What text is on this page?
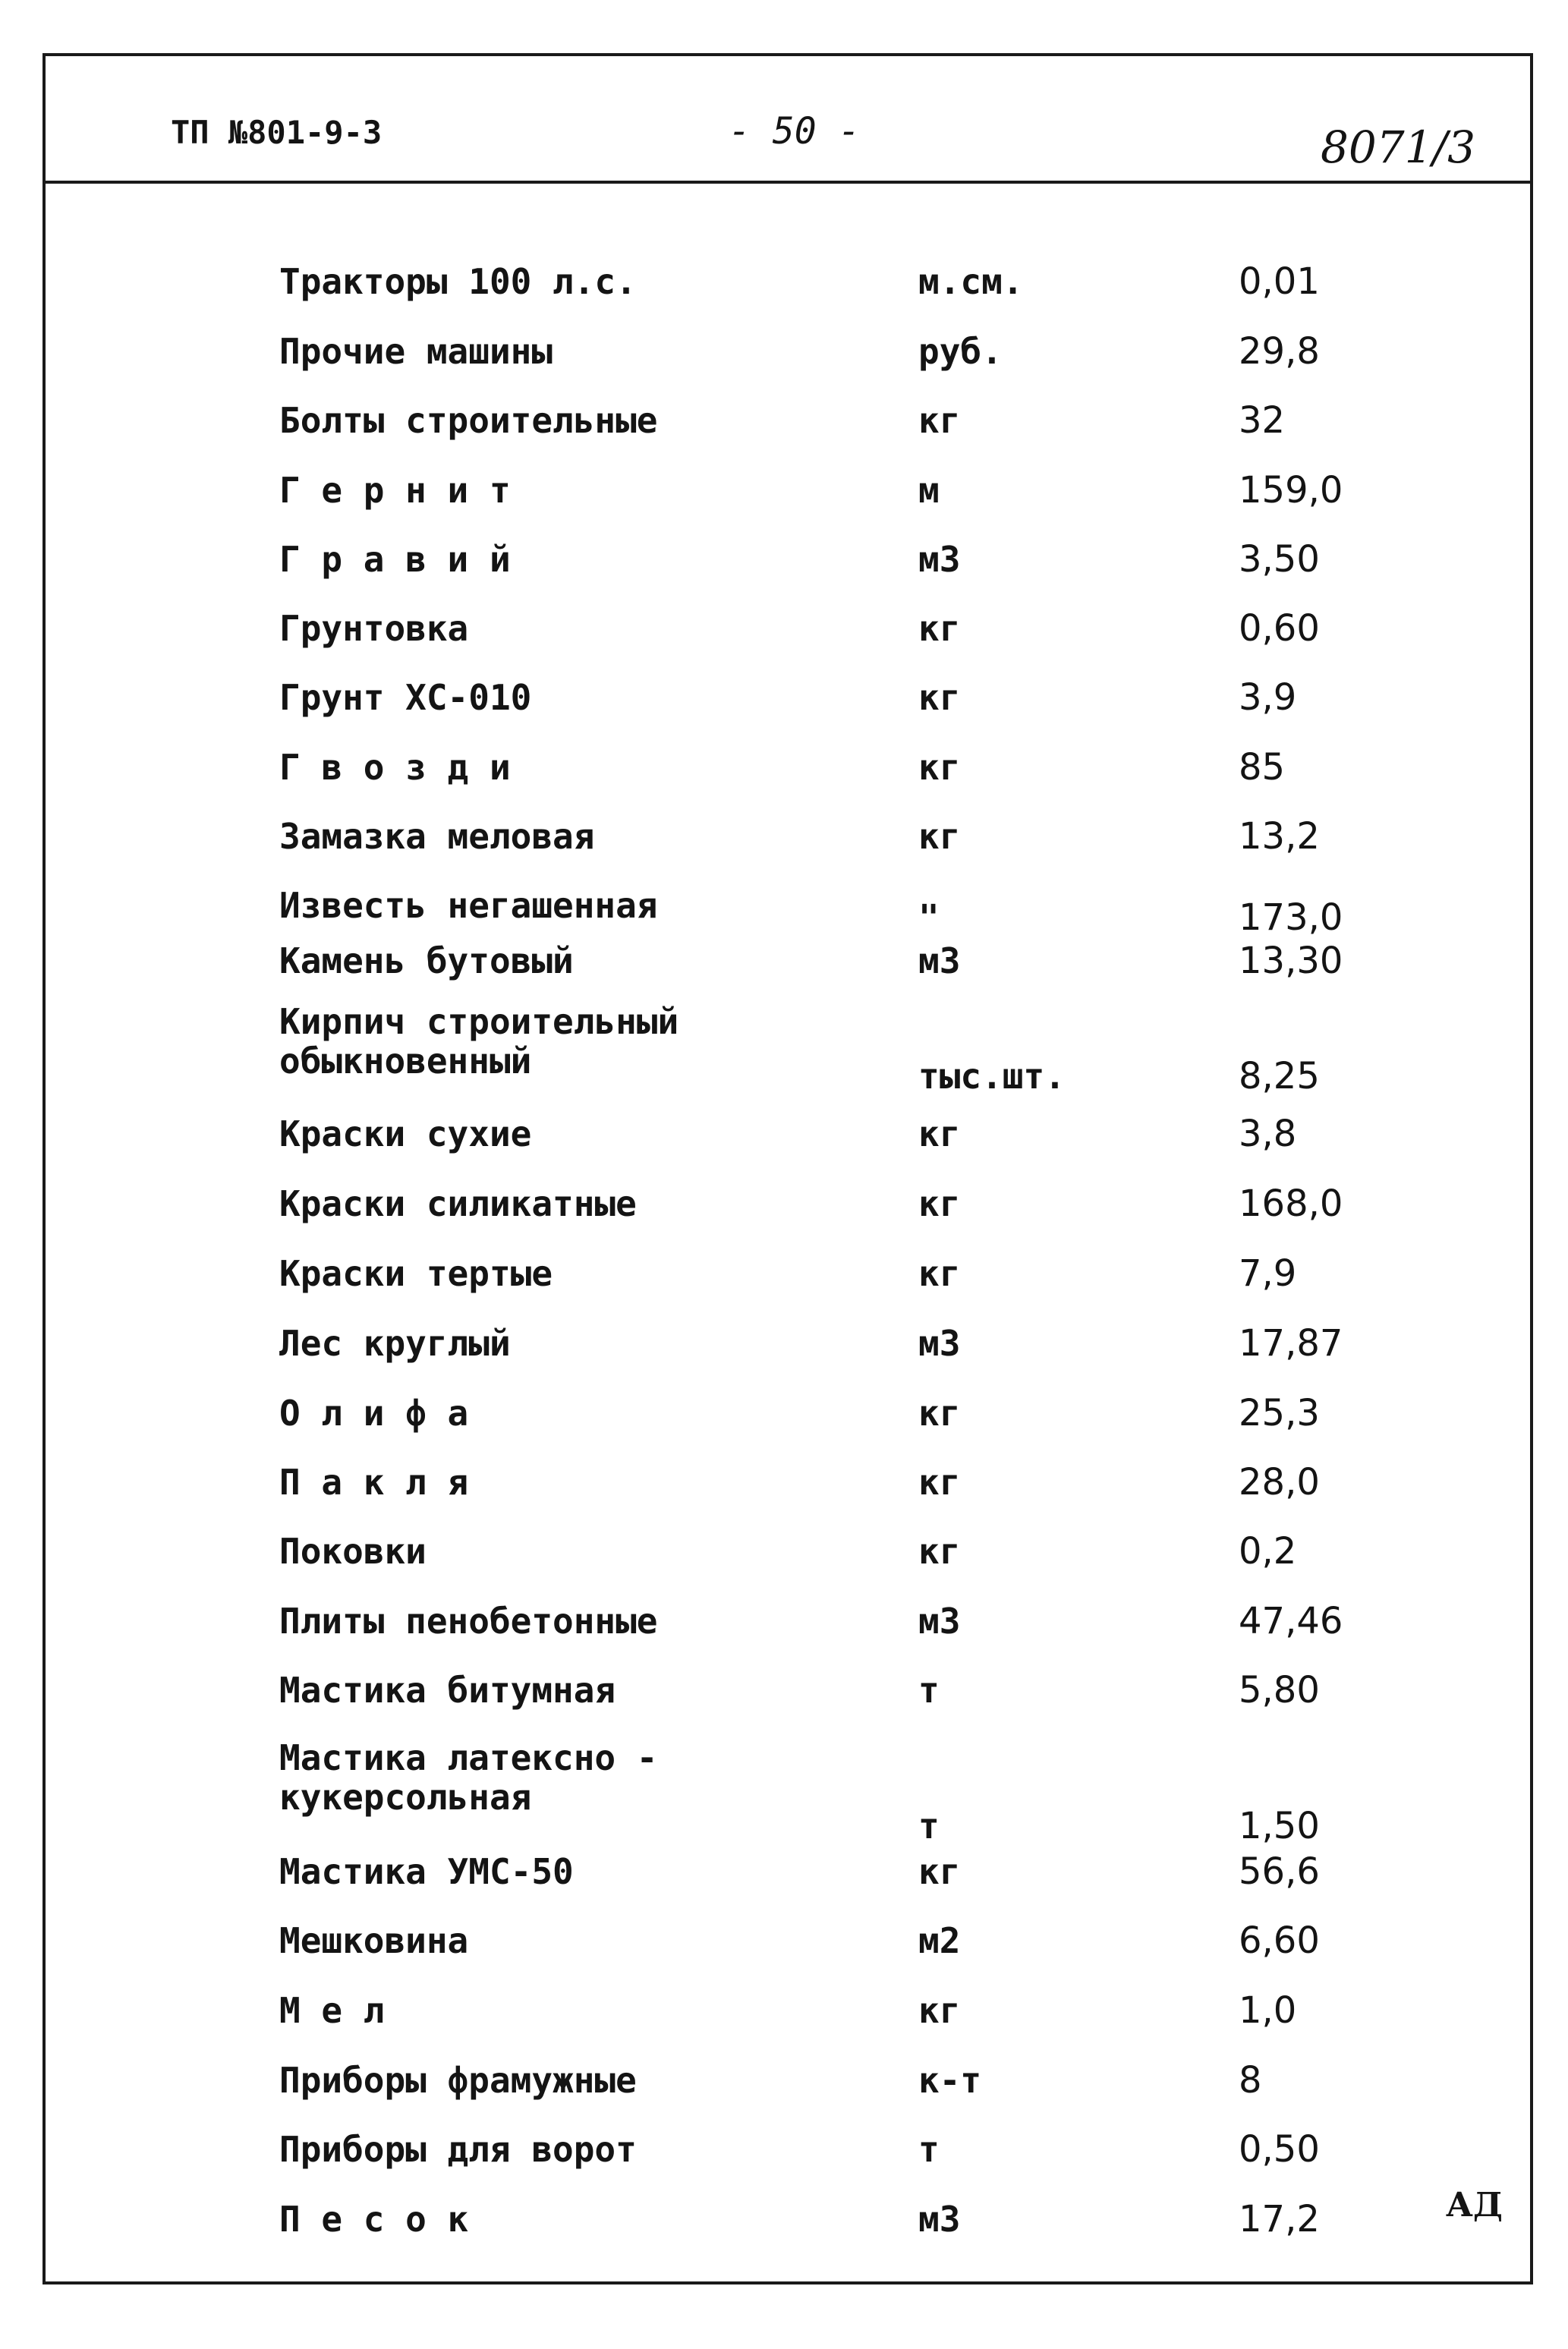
ТП №801-9-3	- 50 -	8071/3
Тракторы 100 л.с.	м.см.	0,01
Прочие машины	руб.	29,8
Болты строительные	кг	32
Г е р н и т	м	159,0
Г р а в и й	м3	3,50
Грунтовка	кг	0,60
Грунт ХС-010	кг	3,9
Г в о з д и	кг	85
Замазка меловая	кг	13,2
Известь негашенная	"	173,0
Камень бутовый	м3	13,30
Кирпич строительный
обыкновенный	тыс.шт.	8,25
Краски сухие	кг	3,8
Краски силикатные	кг	168,0
Краски тертые	кг	7,9
Лес круглый	м3	17,87
О л и ф а	кг	25,3
П а к л я	кг	28,0
Поковки	кг	0,2
Плиты пенобетонные	м3	47,46
Мастика битумная	т	5,80
Мастика латексно -
кукерсольная
т	1,50
Мастика УМС-50	кг	56,6
Мешковина	м2	6,60
М е л	кг	1,0
Приборы фрамужные	к-т	8
Приборы для ворот	т	0,50
П е с о к	м3	17,2	АД
